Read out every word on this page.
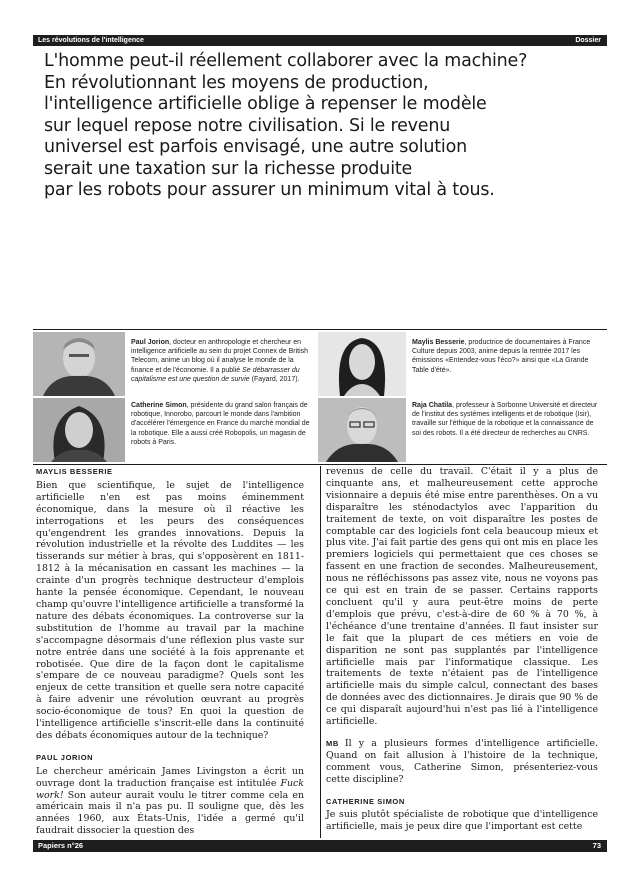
Les révolutions de l'intelligence	Dossier
L'homme peut-il réellement collaborer avec la machine?
En révolutionnant les moyens de production,
l'intelligence artificielle oblige à repenser le modèle
sur lequel repose notre civilisation. Si le revenu
universel est parfois envisagé, une autre solution
serait une taxation sur la richesse produite
par les robots pour assurer un minimum vital à tous.
Paul Jorion, docteur en anthropologie et chercheur en intelligence artificielle au sein du projet Connex de British Telecom, anime un blog où il analyse le monde de la finance et de l'économie. Il a publié Se débarrasser du capitalisme est une question de survie (Fayard, 2017).
Catherine Simon, présidente du grand salon français de robotique, Innorobo, parcourt le monde dans l'ambition d'accélérer l'émergence en France du marché mondial de la robotique. Elle a aussi créé Robopolis, un magasin de robots à Paris.
Maylis Besserie, productrice de documentaires à France Culture depuis 2003, anime depuis la rentrée 2017 les émissions «Entendez-vous l'éco?» ainsi que «La Grande Table d'été».
Raja Chatila, professeur à Sorbonne Université et directeur de l'institut des systèmes intelligents et de robotique (Isir), travaille sur l'éthique de la robotique et la connaissance de soi des robots. Il a été directeur de recherches au CNRS.
MAYLIS BESSERIE

Bien que scientifique, le sujet de l'intelligence artificielle n'en est pas moins éminemment économique, dans la mesure où il réactive les interrogations et les peurs des conséquences qu'engendrent les grandes innovations. Depuis la révolution industrielle et la révolte des Luddites — les tisserands sur métier à bras, qui s'opposèrent en 1811-1812 à la mécanisation en cassant les machines — la crainte d'un progrès technique destructeur d'emplois hante la pensée économique. Cependant, le nouveau champ qu'ouvre l'intelligence artificielle a transformé la nature des débats économiques. La controverse sur la substitution de l'homme au travail par la machine s'accompagne désormais d'une réflexion plus vaste sur notre entrée dans une société à la fois apprenante et robotisée. Que dire de la façon dont le capitalisme s'empare de ce nouveau paradigme? Quels sont les enjeux de cette transition et quelle sera notre capacité à faire advenir une révolution œuvrant au progrès socio-économique de tous? En quoi la question de l'intelligence artificielle s'inscrit-elle dans la continuité des débats économiques autour de la technique?

PAUL JORION

Le chercheur américain James Livingston a écrit un ouvrage dont la traduction française est intitulée Fuck work! Son auteur aurait voulu le titrer comme cela en américain mais il n'a pas pu. Il souligne que, dès les années 1960, aux États-Unis, l'idée a germé qu'il faudrait dissocier la question des

revenus de celle du travail. C'était il y a plus de cinquante ans, et malheureusement cette approche visionnaire a depuis été mise entre parenthèses. On a vu disparaître les sténodactylos avec l'apparition du traitement de texte, on voit disparaître les postes de comptable car des logiciels font cela beaucoup mieux et plus vite. J'ai fait partie des gens qui ont mis en place les premiers logiciels qui permettaient que ces choses se fassent en une fraction de secondes. Malheureusement, nous ne réfléchissons pas assez vite, nous ne voyons pas ce qui est en train de se passer. Certains rapports concluent qu'il y aura peut-être moins de perte d'emplois que prévu, c'est-à-dire de 60 % à 70 %, à l'échéance d'une trentaine d'années. Il faut insister sur le fait que la plupart de ces métiers en voie de disparition ne sont pas supplantés par l'intelligence artificielle mais par l'informatique classique. Les traitements de texte n'étaient pas de l'intelligence artificielle mais du simple calcul, connectant des bases de données avec des dictionnaires. Je dirais que 90 % de ce qui disparaît aujourd'hui n'est pas lié à l'intelligence artificielle.

MB Il y a plusieurs formes d'intelligence artificielle. Quand on fait allusion à l'histoire de la technique, comment vous, Catherine Simon, présenteriez-vous cette discipline?

CATHERINE SIMON

Je suis plutôt spécialiste de robotique que d'intelligence artificielle, mais je peux dire que l'important est cette

Papiers n°26	73
